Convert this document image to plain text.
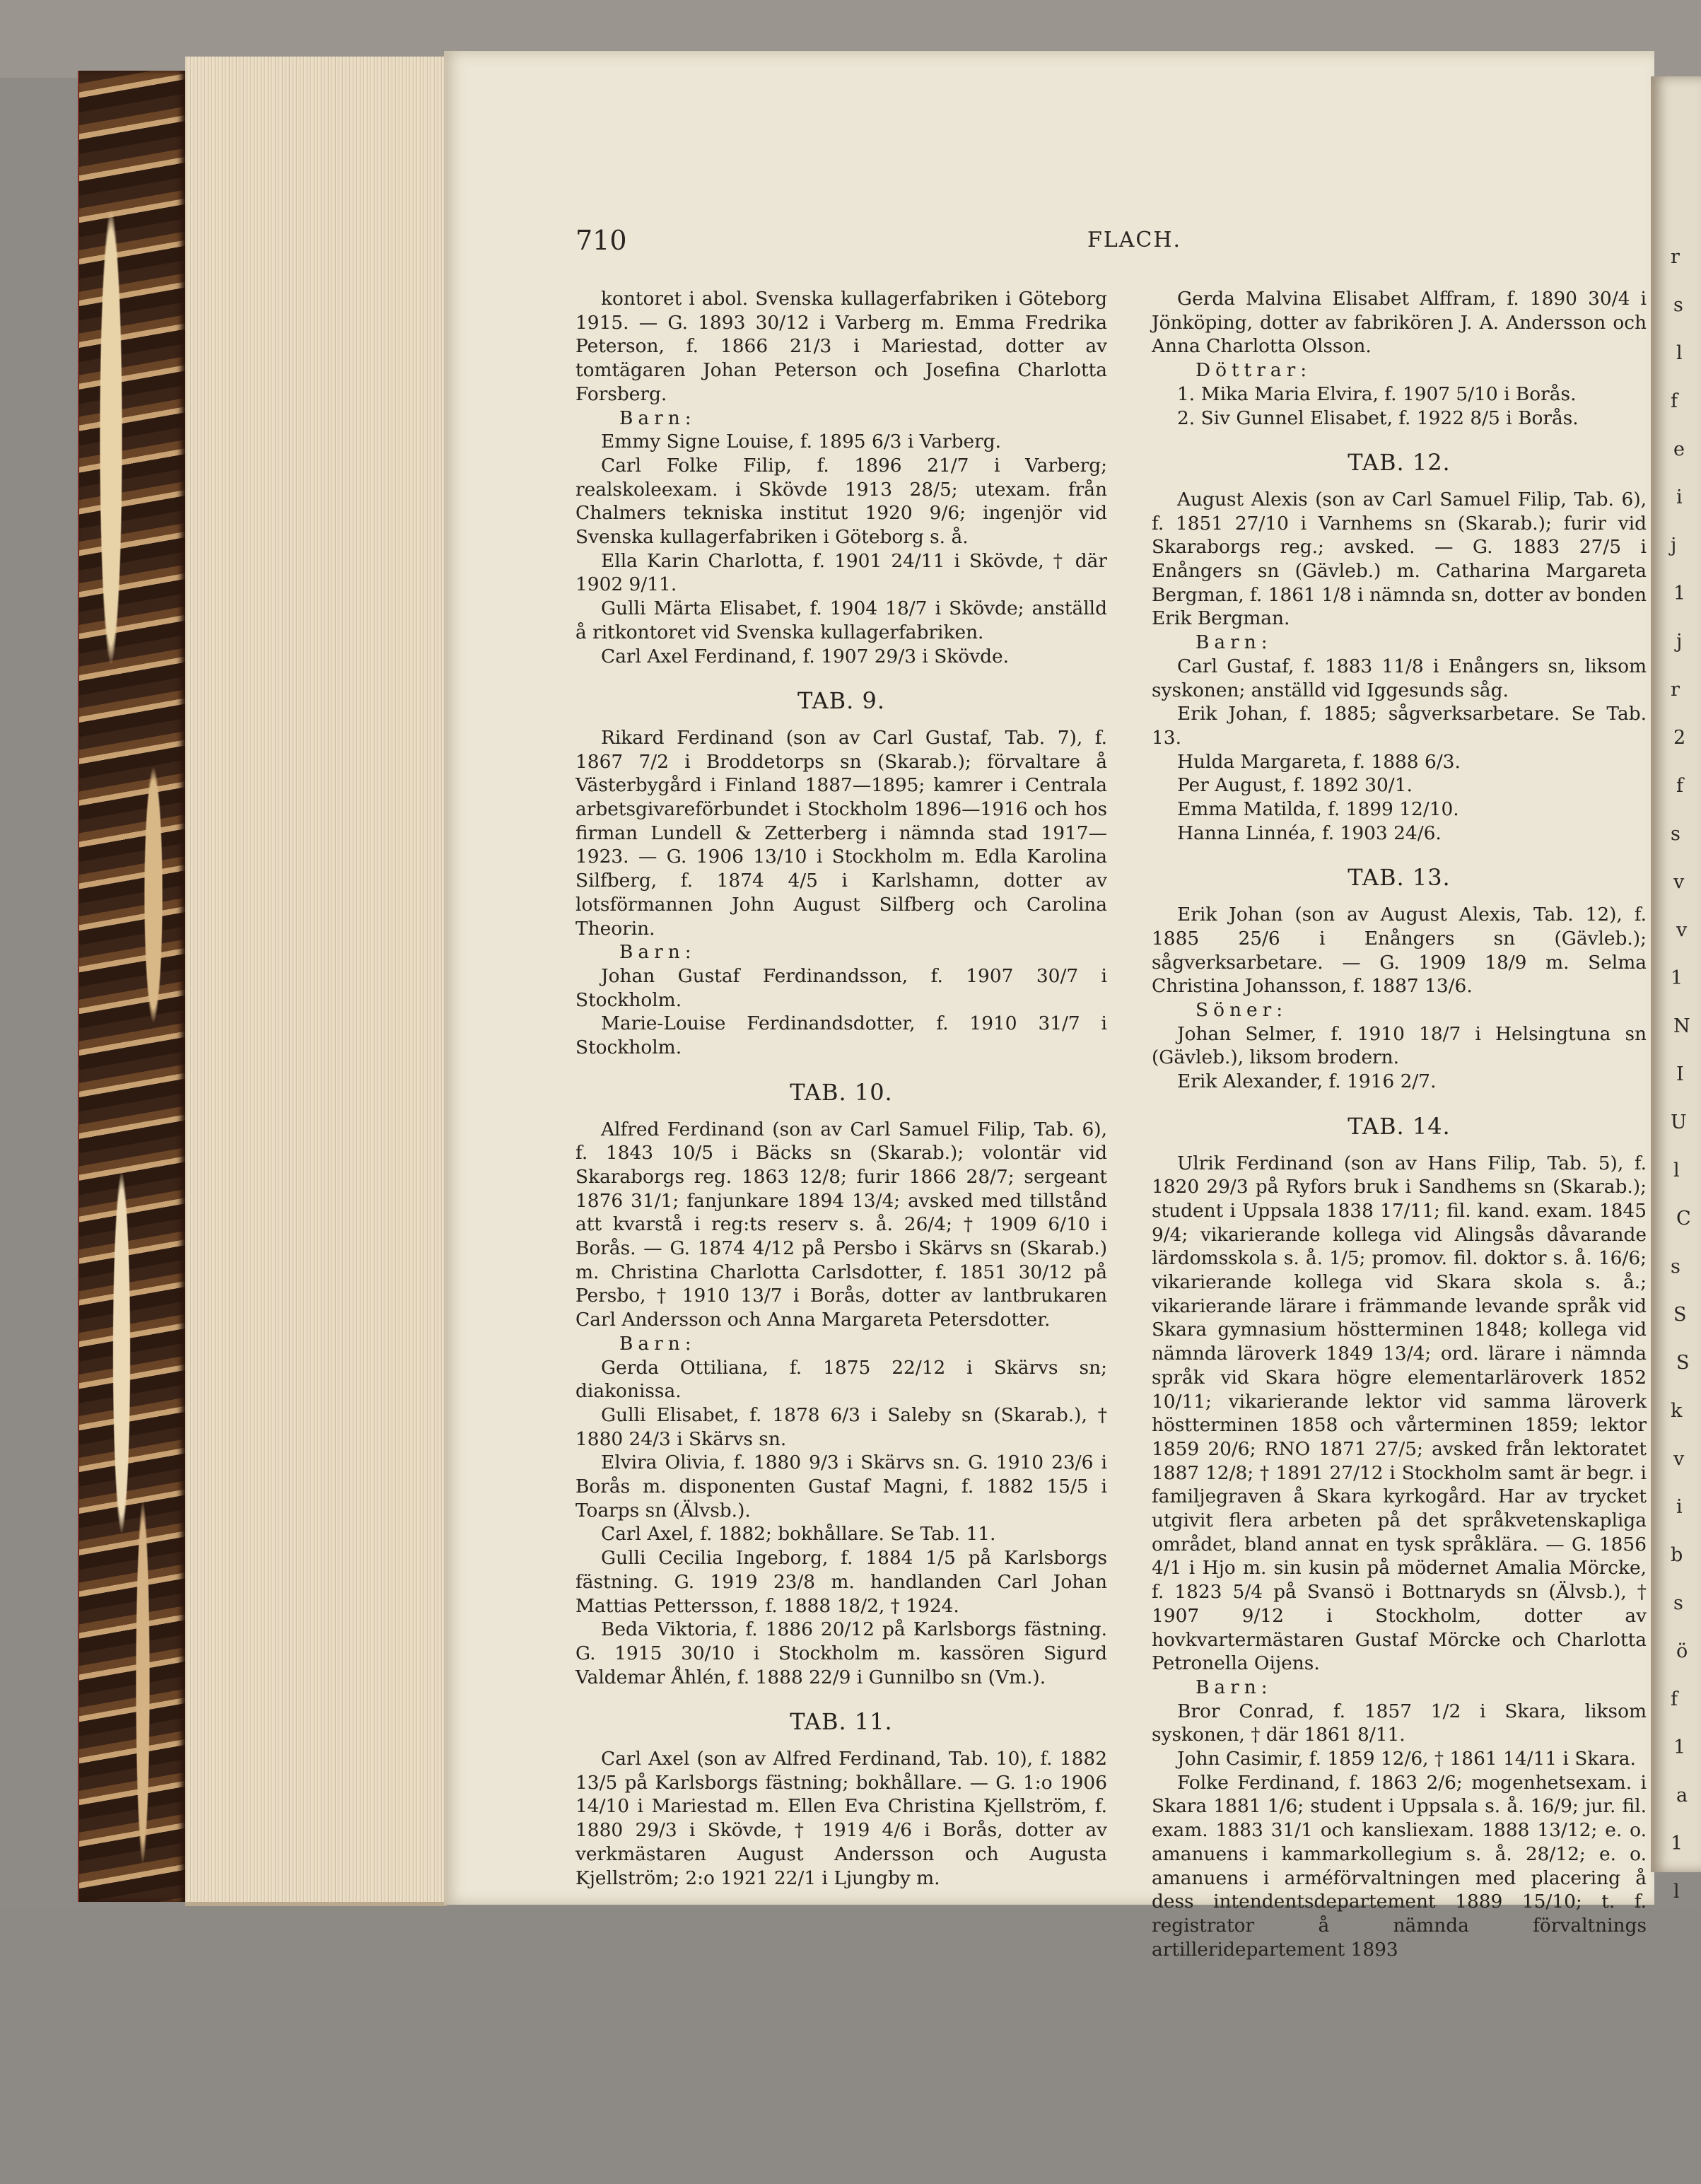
710	FLACH.

kontoret i abol. Svenska kullagerfabriken i Göteborg 1915. — G. 1893 30/12 i Varberg m. Emma Fredrika Peterson, f. 1866 21/3 i Mariestad, dotter av tomtägaren Johan Peterson och Josefina Charlotta Forsberg.

Barn:

Emmy Signe Louise, f. 1895 6/3 i Varberg.

Carl Folke Filip, f. 1896 21/7 i Varberg; realskoleexam. i Skövde 1913 28/5; utexam. från Chalmers tekniska institut 1920 9/6; ingenjör vid Svenska kullagerfabriken i Göteborg s. å.

Ella Karin Charlotta, f. 1901 24/11 i Skövde, † där 1902 9/11.

Gulli Märta Elisabet, f. 1904 18/7 i Skövde; anställd å ritkontoret vid Svenska kullagerfabriken.

Carl Axel Ferdinand, f. 1907 29/3 i Skövde.

TAB. 9.

Rikard Ferdinand (son av Carl Gustaf, Tab. 7), f. 1867 7/2 i Broddetorps sn (Skarab.); förvaltare å Västerbygård i Finland 1887—1895; kamrer i Centrala arbetsgivareförbundet i Stockholm 1896—1916 och hos firman Lundell & Zetterberg i nämnda stad 1917—1923. — G. 1906 13/10 i Stockholm m. Edla Karolina Silfberg, f. 1874 4/5 i Karlshamn, dotter av lotsförmannen John August Silfberg och Carolina Theorin.

Barn:

Johan Gustaf Ferdinandsson, f. 1907 30/7 i Stockholm.

Marie-Louise Ferdinandsdotter, f. 1910 31/7 i Stockholm.

TAB. 10.

Alfred Ferdinand (son av Carl Samuel Filip, Tab. 6), f. 1843 10/5 i Bäcks sn (Skarab.); volontär vid Skaraborgs reg. 1863 12/8; furir 1866 28/7; sergeant 1876 31/1; fanjunkare 1894 13/4; avsked med tillstånd att kvarstå i reg:ts reserv s. å. 26/4; † 1909 6/10 i Borås. — G. 1874 4/12 på Persbo i Skärvs sn (Skarab.) m. Christina Charlotta Carlsdotter, f. 1851 30/12 på Persbo, † 1910 13/7 i Borås, dotter av lantbrukaren Carl Andersson och Anna Margareta Petersdotter.

Barn:

Gerda Ottiliana, f. 1875 22/12 i Skärvs sn; diakonissa.

Gulli Elisabet, f. 1878 6/3 i Saleby sn (Skarab.), † 1880 24/3 i Skärvs sn.

Elvira Olivia, f. 1880 9/3 i Skärvs sn. G. 1910 23/6 i Borås m. disponenten Gustaf Magni, f. 1882 15/5 i Toarps sn (Älvsb.).

Carl Axel, f. 1882; bokhållare. Se Tab. 11.

Gulli Cecilia Ingeborg, f. 1884 1/5 på Karlsborgs fästning. G. 1919 23/8 m. handlanden Carl Johan Mattias Pettersson, f. 1888 18/2, † 1924.

Beda Viktoria, f. 1886 20/12 på Karlsborgs fästning. G. 1915 30/10 i Stockholm m. kassören Sigurd Valdemar Åhlén, f. 1888 22/9 i Gunnilbo sn (Vm.).

TAB. 11.

Carl Axel (son av Alfred Ferdinand, Tab. 10), f. 1882 13/5 på Karlsborgs fästning; bokhållare. — G. 1:o 1906 14/10 i Mariestad m. Ellen Eva Christina Kjellström, f. 1880 29/3 i Skövde, † 1919 4/6 i Borås, dotter av verkmästaren August Andersson och Augusta Kjellström; 2:o 1921 22/1 i Ljungby m.

Gerda Malvina Elisabet Alffram, f. 1890 30/4 i Jönköping, dotter av fabrikören J. A. Andersson och Anna Charlotta Olsson.

Döttrar:

1. Mika Maria Elvira, f. 1907 5/10 i Borås.

2. Siv Gunnel Elisabet, f. 1922 8/5 i Borås.

TAB. 12.

August Alexis (son av Carl Samuel Filip, Tab. 6), f. 1851 27/10 i Varnhems sn (Skarab.); furir vid Skaraborgs reg.; avsked. — G. 1883 27/5 i Enångers sn (Gävleb.) m. Catharina Margareta Bergman, f. 1861 1/8 i nämnda sn, dotter av bonden Erik Bergman.

Barn:

Carl Gustaf, f. 1883 11/8 i Enångers sn, liksom syskonen; anställd vid Iggesunds såg.

Erik Johan, f. 1885; sågverksarbetare. Se Tab. 13.

Hulda Margareta, f. 1888 6/3.

Per August, f. 1892 30/1.

Emma Matilda, f. 1899 12/10.

Hanna Linnéa, f. 1903 24/6.

TAB. 13.

Erik Johan (son av August Alexis, Tab. 12), f. 1885 25/6 i Enångers sn (Gävleb.); sågverksarbetare. — G. 1909 18/9 m. Selma Christina Johansson, f. 1887 13/6.

Söner:

Johan Selmer, f. 1910 18/7 i Helsingtuna sn (Gävleb.), liksom brodern.

Erik Alexander, f. 1916 2/7.

TAB. 14.

Ulrik Ferdinand (son av Hans Filip, Tab. 5), f. 1820 29/3 på Ryfors bruk i Sandhems sn (Skarab.); student i Uppsala 1838 17/11; fil. kand. exam. 1845 9/4; vikarierande kollega vid Alingsås dåvarande lärdomsskola s. å. 1/5; promov. fil. doktor s. å. 16/6; vikarierande kollega vid Skara skola s. å.; vikarierande lärare i främmande levande språk vid Skara gymnasium höstterminen 1848; kollega vid nämnda läroverk 1849 13/4; ord. lärare i nämnda språk vid Skara högre elementarläroverk 1852 10/11; vikarierande lektor vid samma läroverk höstterminen 1858 och vårterminen 1859; lektor 1859 20/6; RNO 1871 27/5; avsked från lektoratet 1887 12/8; † 1891 27/12 i Stockholm samt är begr. i familjegraven å Skara kyrkogård. Har av trycket utgivit flera arbeten på det språkvetenskapliga området, bland annat en tysk språklära. — G. 1856 4/1 i Hjo m. sin kusin på mödernet Amalia Mörcke, f. 1823 5/4 på Svansö i Bottnaryds sn (Älvsb.), † 1907 9/12 i Stockholm, dotter av hovkvartermästaren Gustaf Mörcke och Charlotta Petronella Oijens.

Barn:

Bror Conrad, f. 1857 1/2 i Skara, liksom syskonen, † där 1861 8/11.

John Casimir, f. 1859 12/6, † 1861 14/11 i Skara.

Folke Ferdinand, f. 1863 2/6; mogenhetsexam. i Skara 1881 1/6; student i Uppsala s. å. 16/9; jur. fil. exam. 1883 31/1 och kansliexam. 1888 13/12; e. o. amanuens i kammarkollegium s. å. 28/12; e. o. amanuens i arméförvaltningen med placering å dess intendentsdepartement 1889 15/10; t. f. registrator å nämnda förvaltnings artilleridepartement 1893

r
s
l
f
e
i
j
1
j
r
2
f
s
v
v
1
N
I
U
l
C
s
S
S
k
v
i
b
s
ö
f
1
a
1
l
